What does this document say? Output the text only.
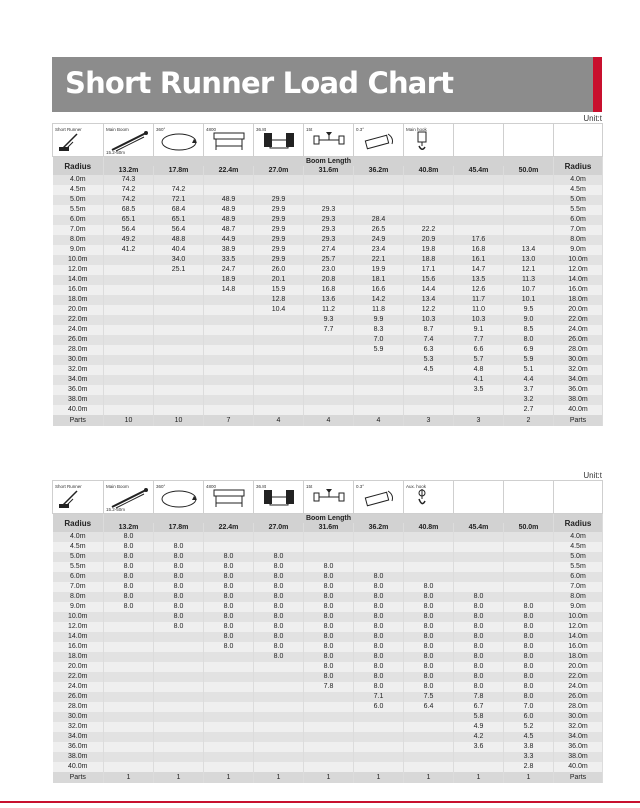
Short Runner Load Chart
Unit:t
Unit:t
Short Runner	Main Boom
15.2-50m	360°	4800	36.8t	15t	0.3°	Main hook			

Radius	Boom Length									Radius
	13.2m	17.8m	22.4m	27.0m	31.6m	36.2m	40.8m	45.4m	50.0m	
4.0m	74.3									4.0m
4.5m	74.2	74.2								4.5m
5.0m	74.2	72.1	48.9	29.9						5.0m
5.5m	68.5	68.4	48.9	29.9	29.3					5.5m
6.0m	65.1	65.1	48.9	29.9	29.3	28.4				6.0m
7.0m	56.4	56.4	48.7	29.9	29.3	26.5	22.2			7.0m
8.0m	49.2	48.8	44.9	29.9	29.3	24.9	20.9	17.6		8.0m
9.0m	41.2	40.4	38.9	29.9	27.4	23.4	19.8	16.8	13.4	9.0m
10.0m		34.0	33.5	29.9	25.7	22.1	18.8	16.1	13.0	10.0m
12.0m		25.1	24.7	26.0	23.0	19.9	17.1	14.7	12.1	12.0m
14.0m			18.9	20.1	20.8	18.1	15.6	13.5	11.3	14.0m
16.0m			14.8	15.9	16.8	16.6	14.4	12.6	10.7	16.0m
18.0m				12.8	13.6	14.2	13.4	11.7	10.1	18.0m
20.0m				10.4	11.2	11.8	12.2	11.0	9.5	20.0m
22.0m					9.3	9.9	10.3	10.3	9.0	22.0m
24.0m					7.7	8.3	8.7	9.1	8.5	24.0m
26.0m						7.0	7.4	7.7	8.0	26.0m
28.0m						5.9	6.3	6.6	6.9	28.0m
30.0m							5.3	5.7	5.9	30.0m
32.0m							4.5	4.8	5.1	32.0m
34.0m								4.1	4.4	34.0m
36.0m								3.5	3.7	36.0m
38.0m									3.2	38.0m
40.0m									2.7	40.0m
Parts	10	10	7	4	4	4	3	3	2	Parts
Short Runner	Main Boom
15.2-50m	360°	4800	36.8t	15t	0.3°	Aux. hook			

Radius	Boom Length									Radius
	13.2m	17.8m	22.4m	27.0m	31.6m	36.2m	40.8m	45.4m	50.0m	
4.0m	8.0									4.0m
4.5m	8.0	8.0								4.5m
5.0m	8.0	8.0	8.0	8.0						5.0m
5.5m	8.0	8.0	8.0	8.0	8.0					5.5m
6.0m	8.0	8.0	8.0	8.0	8.0	8.0				6.0m
7.0m	8.0	8.0	8.0	8.0	8.0	8.0	8.0			7.0m
8.0m	8.0	8.0	8.0	8.0	8.0	8.0	8.0	8.0		8.0m
9.0m	8.0	8.0	8.0	8.0	8.0	8.0	8.0	8.0	8.0	9.0m
10.0m		8.0	8.0	8.0	8.0	8.0	8.0	8.0	8.0	10.0m
12.0m		8.0	8.0	8.0	8.0	8.0	8.0	8.0	8.0	12.0m
14.0m			8.0	8.0	8.0	8.0	8.0	8.0	8.0	14.0m
16.0m			8.0	8.0	8.0	8.0	8.0	8.0	8.0	16.0m
18.0m				8.0	8.0	8.0	8.0	8.0	8.0	18.0m
20.0m					8.0	8.0	8.0	8.0	8.0	20.0m
22.0m					8.0	8.0	8.0	8.0	8.0	22.0m
24.0m					7.8	8.0	8.0	8.0	8.0	24.0m
26.0m						7.1	7.5	7.8	8.0	26.0m
28.0m						6.0	6.4	6.7	7.0	28.0m
30.0m								5.8	6.0	30.0m
32.0m								4.9	5.2	32.0m
34.0m								4.2	4.5	34.0m
36.0m								3.6	3.8	36.0m
38.0m									3.3	38.0m
40.0m									2.8	40.0m
Parts	1	1	1	1	1	1	1	1	1	Parts
